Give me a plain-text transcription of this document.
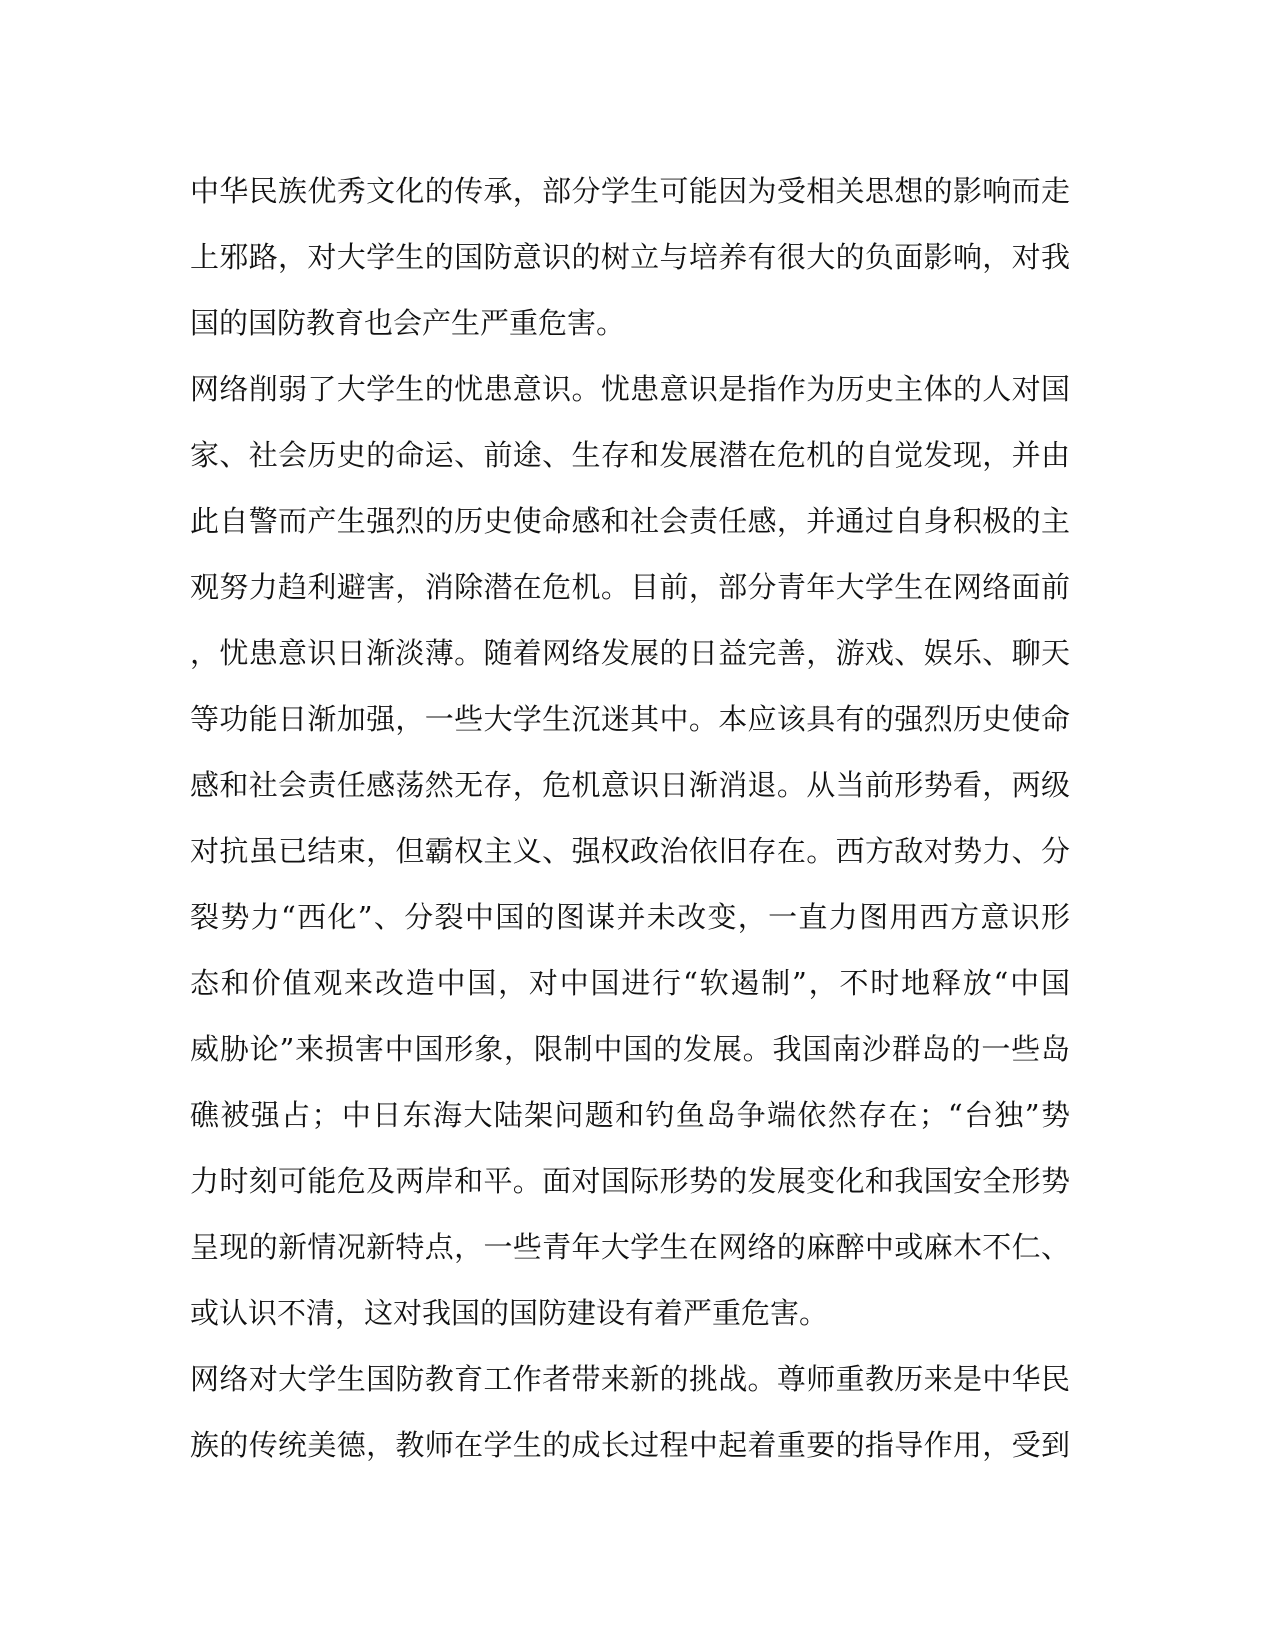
中华民族优秀文化的传承，部分学生可能因为受相关思想的影响而走
上邪路，对大学生的国防意识的树立与培养有很大的负面影响，对我
国的国防教育也会产生严重危害。
网络削弱了大学生的忧患意识。忧患意识是指作为历史主体的人对国
家、社会历史的命运、前途、生存和发展潜在危机的自觉发现，并由
此自警而产生强烈的历史使命感和社会责任感，并通过自身积极的主
观努力趋利避害，消除潜在危机。目前，部分青年大学生在网络面前
，忧患意识日渐淡薄。随着网络发展的日益完善，游戏、娱乐、聊天
等功能日渐加强，一些大学生沉迷其中。本应该具有的强烈历史使命
感和社会责任感荡然无存，危机意识日渐消退。从当前形势看，两级
对抗虽已结束，但霸权主义、强权政治依旧存在。西方敌对势力、分
裂势力“西化”、分裂中国的图谋并未改变，一直力图用西方意识形
态和价值观来改造中国，对中国进行“软遏制”，不时地释放“中国
威胁论”来损害中国形象，限制中国的发展。我国南沙群岛的一些岛
礁被强占；中日东海大陆架问题和钓鱼岛争端依然存在；“台独”势
力时刻可能危及两岸和平。面对国际形势的发展变化和我国安全形势
呈现的新情况新特点，一些青年大学生在网络的麻醉中或麻木不仁、
或认识不清，这对我国的国防建设有着严重危害。
网络对大学生国防教育工作者带来新的挑战。尊师重教历来是中华民
族的传统美德，教师在学生的成长过程中起着重要的指导作用，受到
